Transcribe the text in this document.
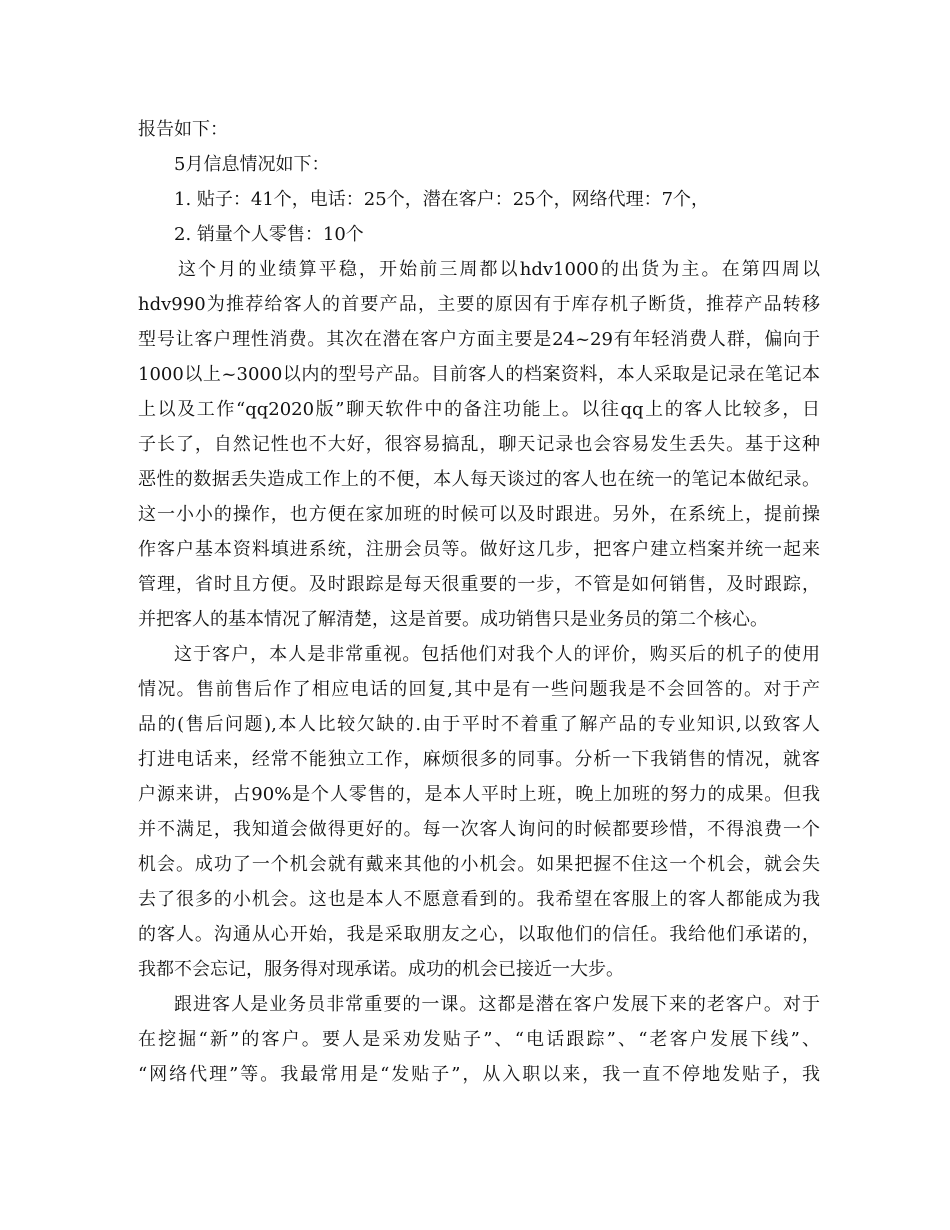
报告如下：
5月信息情况如下：
1. 贴子：41个，电话：25个，潜在客户：25个，网络代理：7个，
2. 销量个人零售：10个
这个月的业绩算平稳，开始前三周都以hdv1000的出货为主。在第四周以
hdv990为推荐给客人的首要产品，主要的原因有于库存机子断货，推荐产品转移
型号让客户理性消费。其次在潜在客户方面主要是24~29有年轻消费人群，偏向于
1000以上~3000以内的型号产品。目前客人的档案资料，本人采取是记录在笔记本
上以及工作“qq2020版”聊天软件中的备注功能上。以往qq上的客人比较多，日
子长了，自然记性也不大好，很容易搞乱，聊天记录也会容易发生丢失。基于这种
恶性的数据丢失造成工作上的不便，本人每天谈过的客人也在统一的笔记本做纪录。
这一小小的操作，也方便在家加班的时候可以及时跟进。另外，在系统上，提前操
作客户基本资料填进系统，注册会员等。做好这几步，把客户建立档案并统一起来
管理，省时且方便。及时跟踪是每天很重要的一步，不管是如何销售，及时跟踪，
并把客人的基本情况了解清楚，这是首要。成功销售只是业务员的第二个核心。
这于客户，本人是非常重视。包括他们对我个人的评价，购买后的机子的使用
情况。售前售后作了相应电话的回复,其中是有一些问题我是不会回答的。对于产
品的(售后问题),本人比较欠缺的.由于平时不着重了解产品的专业知识,以致客人
打进电话来，经常不能独立工作，麻烦很多的同事。分析一下我销售的情况，就客
户源来讲，占90%是个人零售的，是本人平时上班，晚上加班的努力的成果。但我
并不满足，我知道会做得更好的。每一次客人询问的时候都要珍惜，不得浪费一个
机会。成功了一个机会就有戴来其他的小机会。如果把握不住这一个机会，就会失
去了很多的小机会。这也是本人不愿意看到的。我希望在客服上的客人都能成为我
的客人。沟通从心开始，我是采取朋友之心，以取他们的信任。我给他们承诺的，
我都不会忘记，服务得对现承诺。成功的机会已接近一大步。
跟进客人是业务员非常重要的一课。这都是潜在客户发展下来的老客户。对于
在挖掘“新”的客户。要人是采劝发贴子”、“电话跟踪”、“老客户发展下线”、
“网络代理”等。我最常用是“发贴子”，从入职以来，我一直不停地发贴子，我
